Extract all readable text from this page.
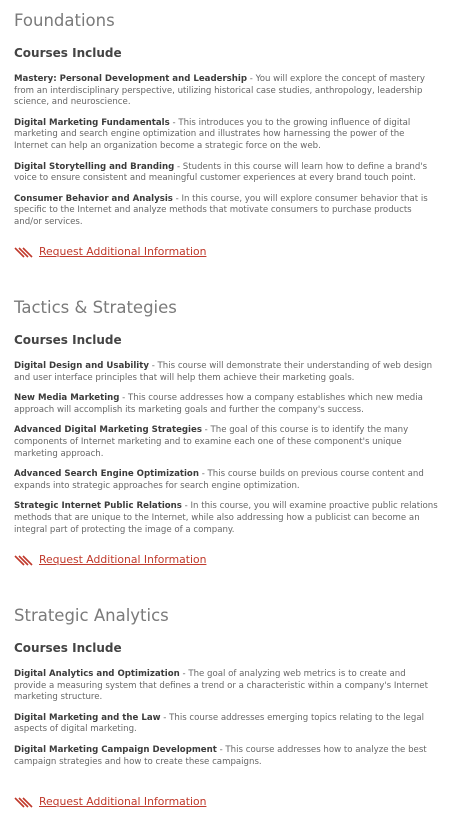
Foundations
Courses Include

Mastery: Personal Development and Leadership - You will explore the concept of mastery from an interdisciplinary perspective, utilizing historical case studies, anthropology, leadership science, and neuroscience.

Digital Marketing Fundamentals - This introduces you to the growing influence of digital marketing and search engine optimization and illustrates how harnessing the power of the Internet can help an organization become a strategic force on the web.

Digital Storytelling and Branding - Students in this course will learn how to define a brand's voice to ensure consistent and meaningful customer experiences at every brand touch point.

Consumer Behavior and Analysis - In this course, you will explore consumer behavior that is specific to the Internet and analyze methods that motivate consumers to purchase products and/or services.

Request Additional Information
Tactics & Strategies
Courses Include

Digital Design and Usability - This course will demonstrate their understanding of web design and user interface principles that will help them achieve their marketing goals.

New Media Marketing - This course addresses how a company establishes which new media approach will accomplish its marketing goals and further the company's success.

Advanced Digital Marketing Strategies - The goal of this course is to identify the many components of Internet marketing and to examine each one of these component's unique marketing approach.

Advanced Search Engine Optimization - This course builds on previous course content and expands into strategic approaches for search engine optimization.

Strategic Internet Public Relations - In this course, you will examine proactive public relations methods that are unique to the Internet, while also addressing how a publicist can become an integral part of protecting the image of a company.

Request Additional Information
Strategic Analytics
Courses Include

Digital Analytics and Optimization - The goal of analyzing web metrics is to create and provide a measuring system that defines a trend or a characteristic within a company's Internet marketing structure.

Digital Marketing and the Law - This course addresses emerging topics relating to the legal aspects of digital marketing.

Digital Marketing Campaign Development - This course addresses how to analyze the best campaign strategies and how to create these campaigns.

Request Additional Information
